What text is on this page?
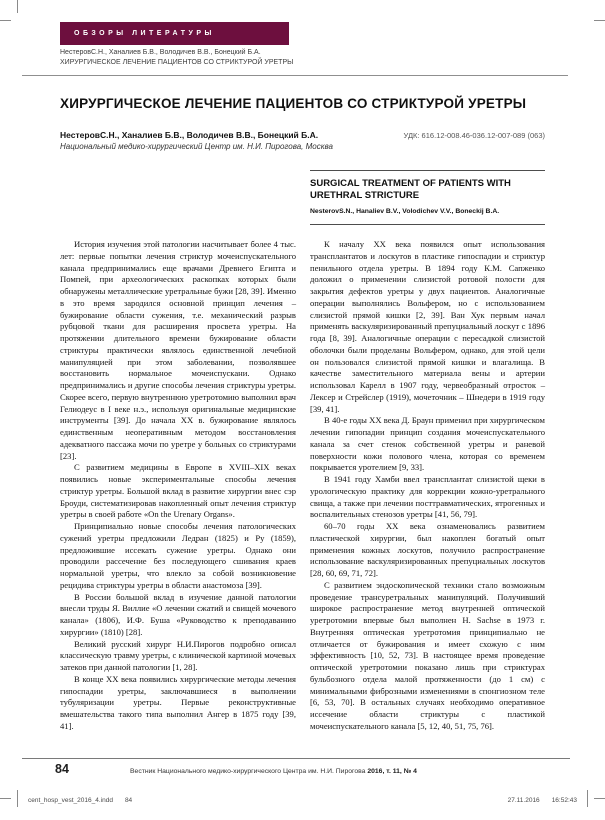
ОБЗОРЫ ЛИТЕРАТУРЫ
НестеровС.Н., Ханалиев Б.В., Володичев В.В., Бонецкий Б.А.
ХИРУРГИЧЕСКОЕ ЛЕЧЕНИЕ ПАЦИЕНТОВ СО СТРИКТУРОЙ УРЕТРЫ
ХИРУРГИЧЕСКОЕ ЛЕЧЕНИЕ ПАЦИЕНТОВ СО СТРИКТУРОЙ УРЕТРЫ
НестеровС.Н., Ханалиев Б.В., Володичев В.В., Бонецкий Б.А.	УДК: 616.12-008.46-036.12-007-089 (063)
Национальный медико-хирургический Центр им. Н.И. Пирогова, Москва
SURGICAL TREATMENT OF PATIENTS WITH URETHRAL STRICTURE
NesterovS.N., Hanaliev B.V., Volodichev V.V., Boneckij B.A.

История изучения этой патологии насчитывает более 4 тыс. лет: первые попытки лечения стриктур мочеиспускательного канала предпринимались еще врачами Древнего Египта и Помпей, при археологических раскопках которых были обнаружены металлические уретральные бужи [28, 39]. Именно в это время зародился основной принцип лечения – бужирование области сужения, т.е. механический разрыв рубцовой ткани для расширения просвета уретры. На протяжении длительного времени бужирование области стриктуры практически являлось единственной лечебной манипуляцией при этом заболевании, позволявшее восстановить нормальное мочеиспускани. Однако предпринимались и другие способы лечения стриктуры уретры. Скорее всего, первую внутреннюю уретротомию выполнил врач Гелиодеус в I веке н.э., используя оригинальные медицинские инструменты [39]. До начала XX в. бужирование являлось единственным неоперативным методом восстановления адекватного пассажа мочи по уретре у больных со стриктурами [23].

С развитием медицины в Европе в XVIII–XIX веках появились новые экспериментальные способы лечения стриктур уретры. Большой вклад в развитие хирургии внес сэр Броуди, систематизировав накопленный опыт лечения стриктур уретры в своей работе «On the Urenary Organs».

Принципиально новые способы лечения патологических сужений уретры предложили Ледран (1825) и Ру (1859), предложившие иссекать сужение уретры. Однако они проводили рассечение без последующего сшивания краев нормальной уретры, что влекло за собой возникновение рецидива стриктуры уретры в области анастомоза [39].

В России большой вклад в изучение данной патологии внесли труды Я. Виллие «О лечении сжатий и свищей мочевого канала» (1806), И.Ф. Буша «Руководство к преподаванию хирургии» (1810) [28].

Великий русский хирург Н.И.Пирогов подробно описал классическую травму уретры, с клинической картиной мочевых затеков при данной патологии [1, 28].

В конце XX века появились хирургические методы лечения гипоспадии уретры, заключавшиеся в выполнении тубуляризации уретры. Первые реконструктивные вмешательства такого типа выполнил Ангер в 1875 году [39, 41].

К началу XX века появился опыт использования трансплантатов и лоскутов в пластике гипоспадии и стриктур пенильного отдела уретры. В 1894 году К.М. Сапженко доложил о применении слизистой ротовой полости для закрытия дефектов уретры у двух пациентов. Аналогичные операции выполнялись Вольфером, но с использованием слизистой прямой кишки [2, 39]. Ван Хук первым начал применять васкуляризированный препуциальный лоскут с 1896 года [8, 39]. Аналогичные операции с пересадкой слизистой оболочки были проделаны Вольфером, однако, для этой цели он пользовался слизистой прямой кишки и влагалища. В качестве заместительного материала вены и артерии использовал Карелл в 1907 году, червеобразный отросток – Лексер и Стрейслер (1919), мочеточник – Шнедери в 1919 году [39, 41].

В 40-е годы XX века Д. Браун применил при хирургическом лечении гипопадии принцип создания мочеиспускательного канала за счет стенок собственной уретры и раневой поверхности кожи полового члена, которая со временем покрывается уротелием [9, 33].

В 1941 году Хамби ввел трансплантат слизистой щеки в урологическую практику для коррекции кожно-уретрального свища, а также при лечении посттравматических, ятрогенных и воспалительных стенозов уретры [41, 56, 79].

60–70 годы XX века ознаменовались развитием пластической хирургии, был накоплен богатый опыт применения кожных лоскутов, получило распространение использование васкуляризированных препуциальных лоскутов [28, 60, 69, 71, 72].

С развитием эндоскопической техники стало возможным проведение трансуретральных манипуляций. Получивший широкое распространение метод внутренней оптической уретротомии впервые был выполнен H. Sachse в 1973 г. Внутренняя оптическая уретротомия принципиально не отличается от бужирования и имеет схожую с ним эффективность [10, 52, 73]. В настоящее время проведение оптической уретротомии показано лишь при стриктурах бульбозного отдела малой протяженности (до 1 см) с минимальными фиброзными изменениями в спонгиозном теле [6, 53, 70]. В остальных случаях необходимо оперативное иссечение области стриктуры с пластикой мочеиспускательного канала [5, 12, 40, 51, 75, 76].

84	Вестник Национального медико-хирургического Центра им. Н.И. Пирогова 2016, т. 11, № 4
cent_hosp_vest_2016_4.indd 84	27.11.2016 16:52:43
